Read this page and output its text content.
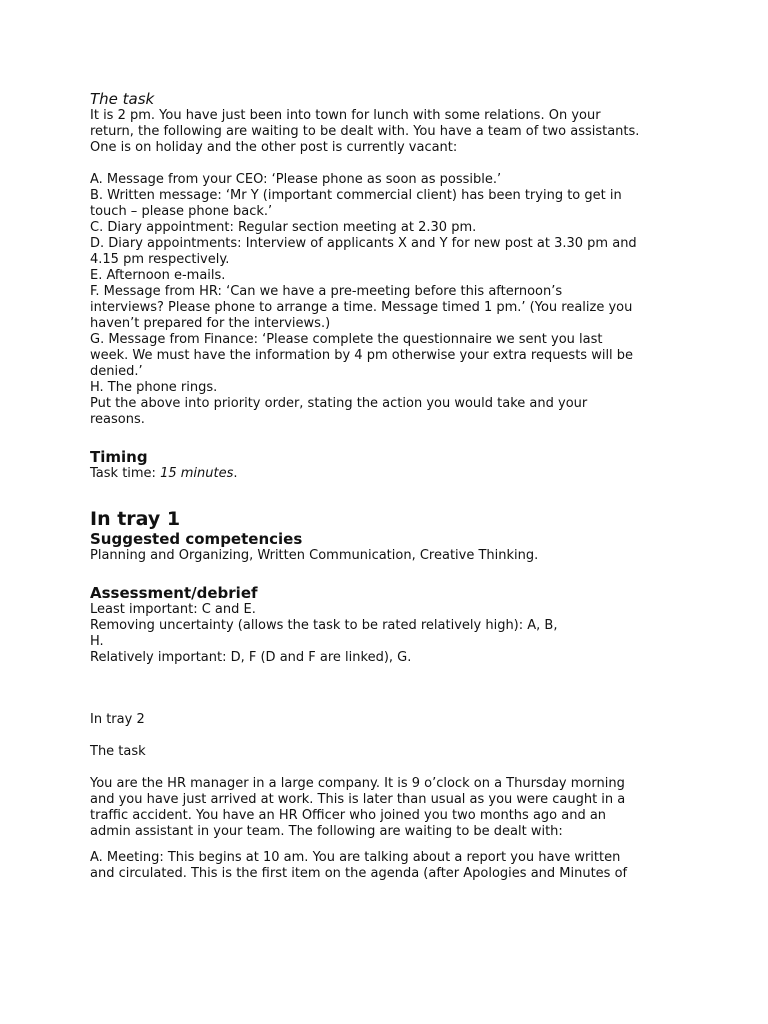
The task
It is 2 pm. You have just been into town for lunch with some relations. On your
return, the following are waiting to be dealt with. You have a team of two assistants.
One is on holiday and the other post is currently vacant:
A. Message from your CEO: ‘Please phone as soon as possible.’
B. Written message: ‘Mr Y (important commercial client) has been trying to get in
touch – please phone back.’
C. Diary appointment: Regular section meeting at 2.30 pm.
D. Diary appointments: Interview of applicants X and Y for new post at 3.30 pm and
4.15 pm respectively.
E. Afternoon e-mails.
F. Message from HR: ‘Can we have a pre-meeting before this afternoon’s
interviews? Please phone to arrange a time. Message timed 1 pm.’ (You realize you
haven’t prepared for the interviews.)
G. Message from Finance: ‘Please complete the questionnaire we sent you last
week. We must have the information by 4 pm otherwise your extra requests will be
denied.’
H. The phone rings.
Put the above into priority order, stating the action you would take and your
reasons.
Timing
Task time: 15 minutes.
In tray 1
Suggested competencies
Planning and Organizing, Written Communication, Creative Thinking.
Assessment/debrief
Least important: C and E.
Removing uncertainty (allows the task to be rated relatively high): A, B,
H.
Relatively important: D, F (D and F are linked), G.
In tray 2
The task
You are the HR manager in a large company. It is 9 o’clock on a Thursday morning
and you have just arrived at work. This is later than usual as you were caught in a
traffic accident. You have an HR Officer who joined you two months ago and an
admin assistant in your team. The following are waiting to be dealt with:
A. Meeting: This begins at 10 am. You are talking about a report you have written
and circulated. This is the first item on the agenda (after Apologies and Minutes of
